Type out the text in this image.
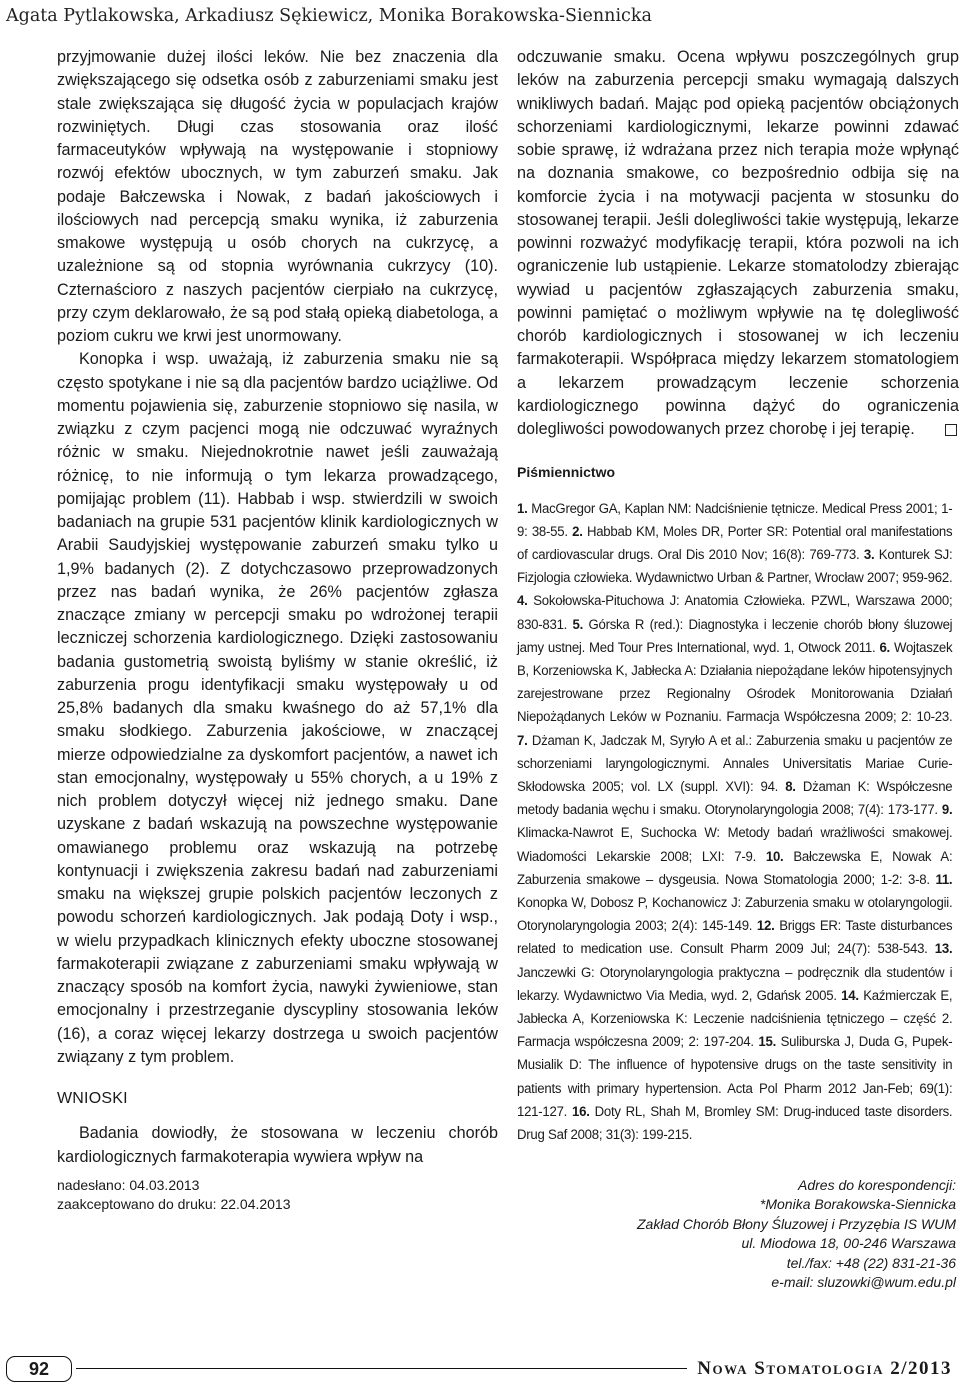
Agata Pytlakowska, Arkadiusz Sękiewicz, Monika Borakowska-Siennicka

przyjmowanie dużej ilości leków. Nie bez znaczenia dla zwiększającego się odsetka osób z zaburzeniami smaku jest stale zwiększająca się długość życia w populacjach krajów rozwiniętych. Długi czas stosowania oraz ilość farmaceutyków wpływają na występowanie i stopniowy rozwój efektów ubocznych, w tym zaburzeń smaku. Jak podaje Bałczewska i Nowak, z badań jakościowych i ilościowych nad percepcją smaku wynika, iż zaburzenia smakowe występują u osób chorych na cukrzycę, a uzależnione są od stopnia wyrównania cukrzycy (10). Czternaścioro z naszych pacjentów cierpiało na cukrzycę, przy czym deklarowało, że są pod stałą opieką diabetologa, a poziom cukru we krwi jest unormowany.

Konopka i wsp. uważają, iż zaburzenia smaku nie są często spotykane i nie są dla pacjentów bardzo uciążliwe. Od momentu pojawienia się, zaburzenie stopniowo się nasila, w związku z czym pacjenci mogą nie odczuwać wyraźnych różnic w smaku. Niejednokrotnie nawet jeśli zauważają różnicę, to nie informują o tym lekarza prowadzącego, pomijając problem (11). Habbab i wsp. stwierdzili w swoich badaniach na grupie 531 pacjentów klinik kardiologicznych w Arabii Saudyjskiej występowanie zaburzeń smaku tylko u 1,9% badanych (2). Z dotychczasowo przeprowadzonych przez nas badań wynika, że 26% pacjentów zgłasza znaczące zmiany w percepcji smaku po wdrożonej terapii leczniczej schorzenia kardiologicznego. Dzięki zastosowaniu badania gustometrią swoistą byliśmy w stanie określić, iż zaburzenia progu identyfikacji smaku występowały u od 25,8% badanych dla smaku kwaśnego do aż 57,1% dla smaku słodkiego. Zaburzenia jakościowe, w znaczącej mierze odpowiedzialne za dyskomfort pacjentów, a nawet ich stan emocjonalny, występowały u 55% chorych, a u 19% z nich problem dotyczył więcej niż jednego smaku. Dane uzyskane z badań wskazują na powszechne występowanie omawianego problemu oraz wskazują na potrzebę kontynuacji i zwiększenia zakresu badań nad zaburzeniami smaku na większej grupie polskich pacjentów leczonych z powodu schorzeń kardiologicznych. Jak podają Doty i wsp., w wielu przypadkach klinicznych efekty uboczne stosowanej farmakoterapii związane z zaburzeniami smaku wpływają w znaczący sposób na komfort życia, nawyki żywieniowe, stan emocjonalny i przestrzeganie dyscypliny stosowania leków (16), a coraz więcej lekarzy dostrzega u swoich pacjentów związany z tym problem.

WNIOSKI

Badania dowiodły, że stosowana w leczeniu chorób kardiologicznych farmakoterapia wywiera wpływ na

odczuwanie smaku. Ocena wpływu poszczególnych grup leków na zaburzenia percepcji smaku wymagają dalszych wnikliwych badań. Mając pod opieką pacjentów obciążonych schorzeniami kardiologicznymi, lekarze powinni zdawać sobie sprawę, iż wdrażana przez nich terapia może wpłynąć na doznania smakowe, co bezpośrednio odbija się na komforcie życia i na motywacji pacjenta w stosunku do stosowanej terapii. Jeśli dolegliwości takie występują, lekarze powinni rozważyć modyfikację terapii, która pozwoli na ich ograniczenie lub ustąpienie. Lekarze stomatolodzy zbierając wywiad u pacjentów zgłaszających zaburzenia smaku, powinni pamiętać o możliwym wpływie na tę dolegliwość chorób kardiologicznych i stosowanej w ich leczeniu farmakoterapii. Współpraca między lekarzem stomatologiem a lekarzem prowadzącym leczenie schorzenia kardiologicznego powinna dążyć do ograniczenia dolegliwości powodowanych przez chorobę i jej terapię.

Piśmiennictwo
1. MacGregor GA, Kaplan NM: Nadciśnienie tętnicze. Medical Press 2001; 1-9: 38-55. 2. Habbab KM, Moles DR, Porter SR: Potential oral manifestations of cardiovascular drugs. Oral Dis 2010 Nov; 16(8): 769-773. 3. Konturek SJ: Fizjologia człowieka. Wydawnictwo Urban & Partner, Wrocław 2007; 959-962. 4. Sokołowska-Pituchowa J: Anatomia Człowieka. PZWL, Warszawa 2000; 830-831. 5. Górska R (red.): Diagnostyka i leczenie chorób błony śluzowej jamy ustnej. Med Tour Pres International, wyd. 1, Otwock 2011. 6. Wojtaszek B, Korzeniowska K, Jabłecka A: Działania niepożądane leków hipotensyjnych zarejestrowane przez Regionalny Ośrodek Monitorowania Działań Niepożądanych Leków w Poznaniu. Farmacja Współczesna 2009; 2: 10-23. 7. Dżaman K, Jadczak M, Syryło A et al.: Zaburzenia smaku u pacjentów ze schorzeniami laryngologicznymi. Annales Universitatis Mariae Curie-Skłodowska 2005; vol. LX (suppl. XVI): 94. 8. Dżaman K: Współczesne metody badania węchu i smaku. Otorynolaryngologia 2008; 7(4): 173-177. 9. Klimacka-Nawrot E, Suchocka W: Metody badań wrażliwości smakowej. Wiadomości Lekarskie 2008; LXI: 7-9. 10. Bałczewska E, Nowak A: Zaburzenia smakowe – dysgeusia. Nowa Stomatologia 2000; 1-2: 3-8. 11. Konopka W, Dobosz P, Kochanowicz J: Zaburzenia smaku w otolaryngologii. Otorynolaryngologia 2003; 2(4): 145-149. 12. Briggs ER: Taste disturbances related to medication use. Consult Pharm 2009 Jul; 24(7): 538-543. 13. Janczewki G: Otorynolaryngologia praktyczna – podręcznik dla studentów i lekarzy. Wydawnictwo Via Media, wyd. 2, Gdańsk 2005. 14. Kaźmierczak E, Jabłecka A, Korzeniowska K: Leczenie nadciśnienia tętniczego – część 2. Farmacja współczesna 2009; 2: 197-204. 15. Suliburska J, Duda G, Pupek-Musialik D: The influence of hypotensive drugs on the taste sensitivity in patients with primary hypertension. Acta Pol Pharm 2012 Jan-Feb; 69(1): 121-127. 16. Doty RL, Shah M, Bromley SM: Drug-induced taste disorders. Drug Saf 2008; 31(3): 199-215.
nadesłano: 04.03.2013
zaakceptowano do druku: 22.04.2013
Adres do korespondencji:
*Monika Borakowska-Siennicka
Zakład Chorób Błony Śluzowej i Przyzębia IS WUM
ul. Miodowa 18, 00-246 Warszawa
tel./fax: +48 (22) 831-21-36
e-mail: sluzowki@wum.edu.pl
92	Nowa Stomatologia 2/2013
